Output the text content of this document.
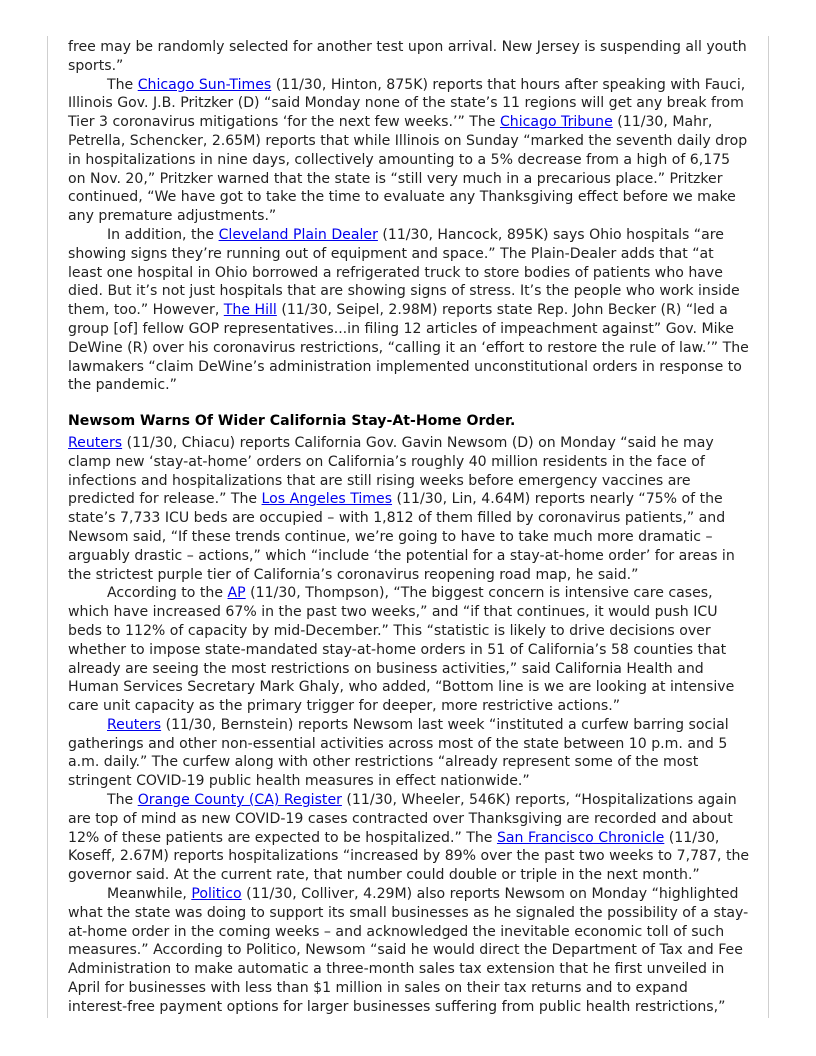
free may be randomly selected for another test upon arrival. New Jersey is suspending all youth sports.”

The Chicago Sun-Times (11/30, Hinton, 875K) reports that hours after speaking with Fauci, Illinois Gov. J.B. Pritzker (D) “said Monday none of the state’s 11 regions will get any break from Tier 3 coronavirus mitigations ‘for the next few weeks.’” The Chicago Tribune (11/30, Mahr, Petrella, Schencker, 2.65M) reports that while Illinois on Sunday “marked the seventh daily drop in hospitalizations in nine days, collectively amounting to a 5% decrease from a high of 6,175 on Nov. 20,” Pritzker warned that the state is “still very much in a precarious place.” Pritzker continued, “We have got to take the time to evaluate any Thanksgiving effect before we make any premature adjustments.”

In addition, the Cleveland Plain Dealer (11/30, Hancock, 895K) says Ohio hospitals “are showing signs they’re running out of equipment and space.” The Plain-Dealer adds that “at least one hospital in Ohio borrowed a refrigerated truck to store bodies of patients who have died. But it’s not just hospitals that are showing signs of stress. It’s the people who work inside them, too.” However, The Hill (11/30, Seipel, 2.98M) reports state Rep. John Becker (R) “led a group [of] fellow GOP representatives...in filing 12 articles of impeachment against” Gov. Mike DeWine (R) over his coronavirus restrictions, “calling it an ‘effort to restore the rule of law.’” The lawmakers “claim DeWine’s administration implemented unconstitutional orders in response to the pandemic.”

Newsom Warns Of Wider California Stay-At-Home Order.

Reuters (11/30, Chiacu) reports California Gov. Gavin Newsom (D) on Monday “said he may clamp new ‘stay-at-home’ orders on California’s roughly 40 million residents in the face of infections and hospitalizations that are still rising weeks before emergency vaccines are predicted for release.” The Los Angeles Times (11/30, Lin, 4.64M) reports nearly “75% of the state’s 7,733 ICU beds are occupied – with 1,812 of them filled by coronavirus patients,” and Newsom said, “If these trends continue, we’re going to have to take much more dramatic – arguably drastic – actions,” which “include ‘the potential for a stay-at-home order’ for areas in the strictest purple tier of California’s coronavirus reopening road map, he said.”

According to the AP (11/30, Thompson), “The biggest concern is intensive care cases, which have increased 67% in the past two weeks,” and “if that continues, it would push ICU beds to 112% of capacity by mid-December.” This “statistic is likely to drive decisions over whether to impose state-mandated stay-at-home orders in 51 of California’s 58 counties that already are seeing the most restrictions on business activities,” said California Health and Human Services Secretary Mark Ghaly, who added, “Bottom line is we are looking at intensive care unit capacity as the primary trigger for deeper, more restrictive actions.”

Reuters (11/30, Bernstein) reports Newsom last week “instituted a curfew barring social gatherings and other non-essential activities across most of the state between 10 p.m. and 5 a.m. daily.” The curfew along with other restrictions “already represent some of the most stringent COVID-19 public health measures in effect nationwide.”

The Orange County (CA) Register (11/30, Wheeler, 546K) reports, “Hospitalizations again are top of mind as new COVID-19 cases contracted over Thanksgiving are recorded and about 12% of these patients are expected to be hospitalized.” The San Francisco Chronicle (11/30, Koseff, 2.67M) reports hospitalizations “increased by 89% over the past two weeks to 7,787, the governor said. At the current rate, that number could double or triple in the next month.”

Meanwhile, Politico (11/30, Colliver, 4.29M) also reports Newsom on Monday “highlighted what the state was doing to support its small businesses as he signaled the possibility of a stay-at-home order in the coming weeks – and acknowledged the inevitable economic toll of such measures.” According to Politico, Newsom “said he would direct the Department of Tax and Fee Administration to make automatic a three-month sales tax extension that he first unveiled in April for businesses with less than $1 million in sales on their tax returns and to expand interest-free payment options for larger businesses suffering from public health restrictions,”
